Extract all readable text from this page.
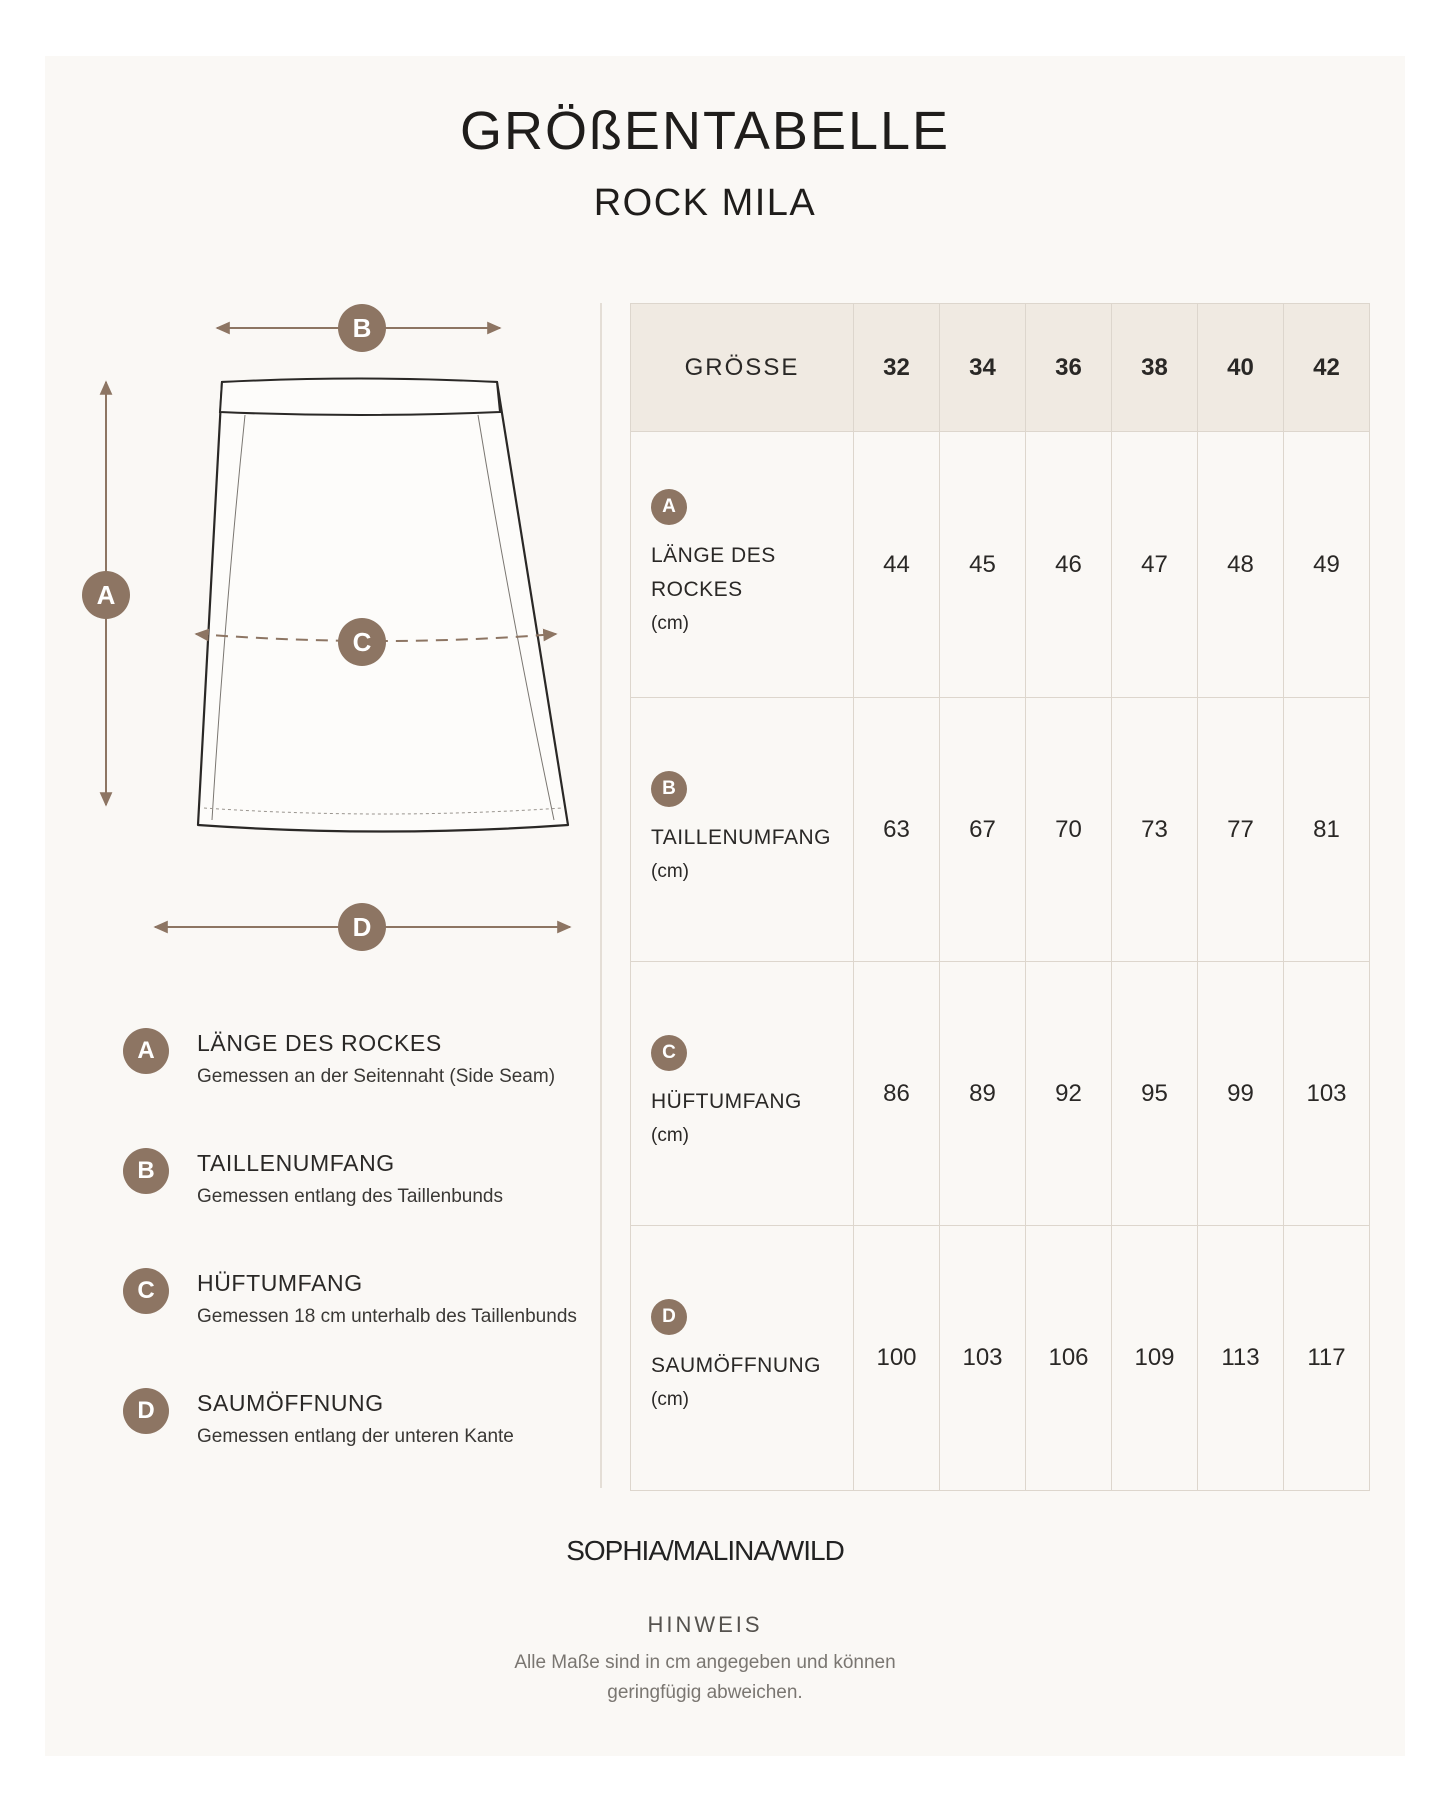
GRÖßENTABELLE
ROCK MILA
B
A
C
D
A	LÄNGE DES ROCKES
Gemessen an der Seitennaht (Side Seam)
B	TAILLENUMFANG
Gemessen entlang des Taillenbunds
C	HÜFTUMFANG
Gemessen 18 cm unterhalb des Taillenbunds
D	SAUMÖFFNUNG
Gemessen entlang der unteren Kante
GRÖSSE	32	34	36	38	40	42

A
LÄNGE DES
ROCKES
(cm)	44	45	46	47	48	49

B
TAILLENUMFANG
(cm)	63	67	70	73	77	81

C
HÜFTUMFANG
(cm)	86	89	92	95	99	103

D
SAUMÖFFNUNG
(cm)	100	103	106	109	113	117
SOPHIA/MALINA/WILD
HINWEIS
Alle Maße sind in cm angegeben und können geringfügig abweichen.
